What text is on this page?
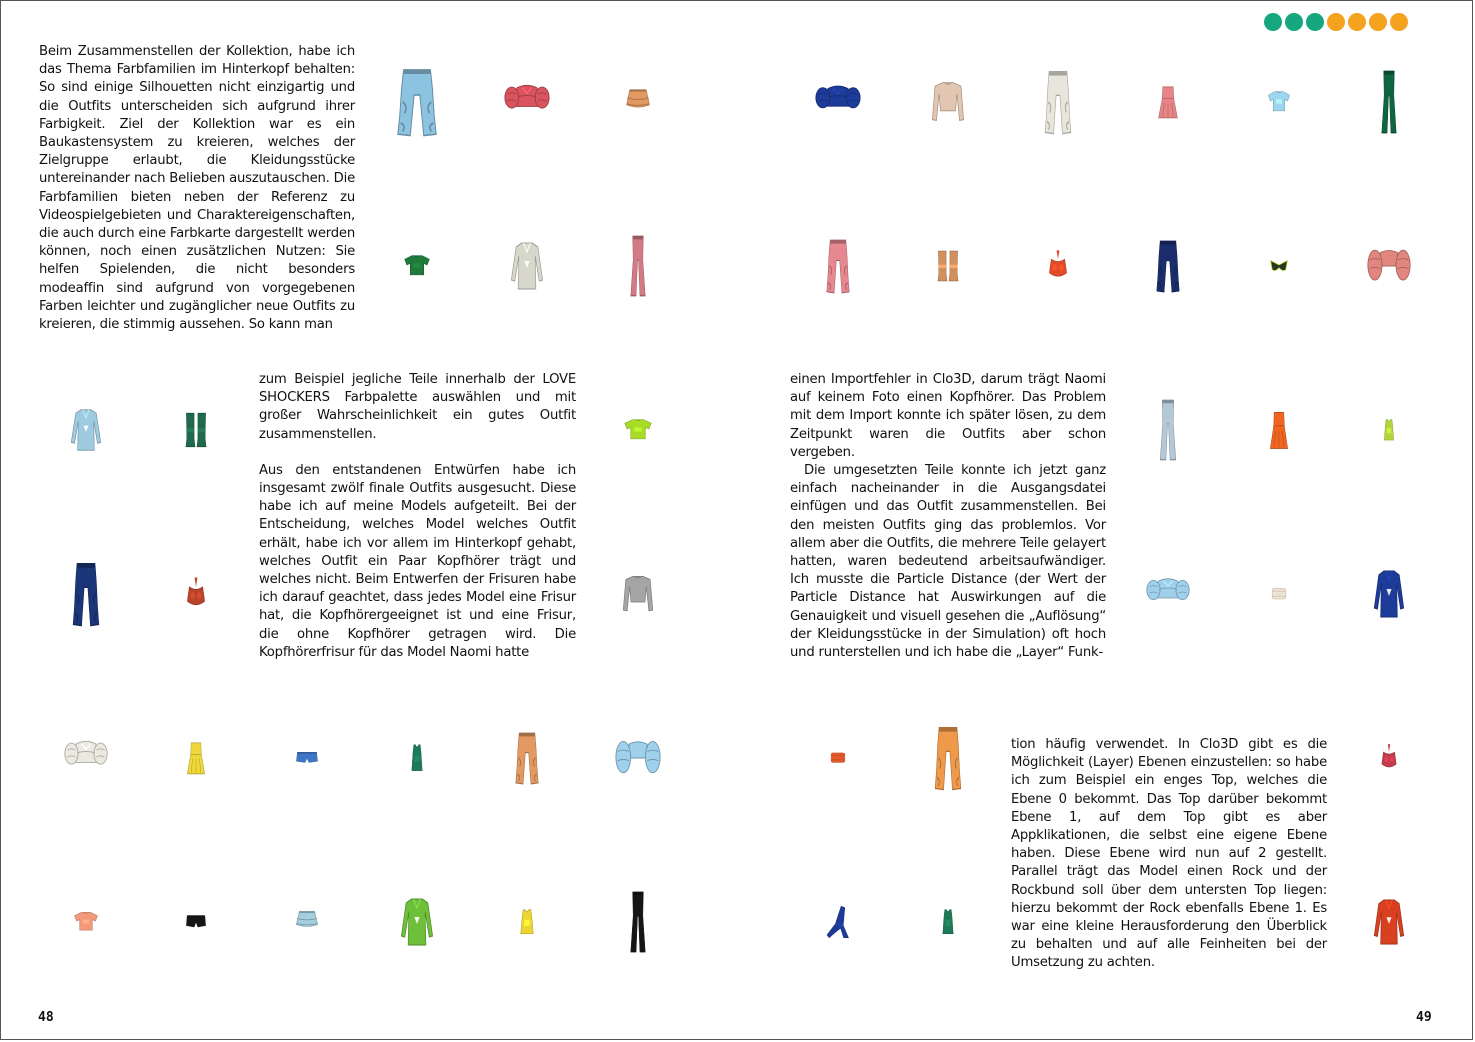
Beim Zusammenstellen der Kollektion, habe ich das Thema Farbfamilien im Hinterkopf behalten: So sind einige Silhouetten nicht einzigartig und die Outfits unterscheiden sich aufgrund ihrer Farbigkeit. Ziel der Kollektion war es ein Baukastensystem zu kreieren, welches der Zielgruppe erlaubt, die Kleidungsstücke untereinander nach Belieben auszutauschen. Die Farbfamilien bieten neben der Referenz zu Videospielgebieten und Charaktereigenschaften, die auch durch eine Farbkarte dargestellt werden können, noch einen zusätzlichen Nutzen: Sie helfen Spielenden, die nicht besonders modeaffin sind aufgrund von vorgegebenen Farben leichter und zugänglicher neue Outfits zu kreieren, die stimmig aussehen. So kann man

zum Beispiel jegliche Teile innerhalb der LOVE SHOCKERS Farbpalette auswählen und mit großer Wahrscheinlichkeit ein gutes Outfit zusammenstellen.

Aus den entstandenen Entwürfen habe ich insgesamt zwölf finale Outfits ausgesucht. Diese habe ich auf meine Models aufgeteilt. Bei der Entscheidung, welches Model welches Outfit erhält, habe ich vor allem im Hinterkopf gehabt, welches Outfit ein Paar Kopfhörer trägt und welches nicht. Beim Entwerfen der Frisuren habe ich darauf geachtet, dass jedes Model eine Frisur hat, die Kopfhörergeeignet ist und eine Frisur, die ohne Kopfhörer getragen wird. Die Kopfhörerfrisur für das Model Naomi hatte

einen Importfehler in Clo3D, darum trägt Naomi auf keinem Foto einen Kopfhörer. Das Problem mit dem Import konnte ich später lösen, zu dem Zeitpunkt waren die Outfits aber schon vergeben.

Die umgesetzten Teile konnte ich jetzt ganz einfach nacheinander in die Ausgangsdatei einfügen und das Outfit zusammenstellen. Bei den meisten Outfits ging das problemlos. Vor allem aber die Outfits, die mehrere Teile gelayert hatten, waren bedeutend arbeitsaufwändiger. Ich musste die Particle Distance (der Wert der Particle Distance hat Auswirkungen auf die Genauigkeit und visuell gesehen die „Auflösung“ der Kleidungsstücke in der Simulation) oft hoch und runterstellen und ich habe die „Layer“ Funk-

tion häufig verwendet. In Clo3D gibt es die Möglichkeit (Layer) Ebenen einzustellen: so habe ich zum Beispiel ein enges Top, welches die Ebene 0 bekommt. Das Top darüber bekommt Ebene 1, auf dem Top gibt es aber Appklikationen, die selbst eine eigene Ebene haben. Diese Ebene wird nun auf 2 gestellt. Parallel trägt das Model einen Rock und der Rockbund soll über dem untersten Top liegen: hierzu bekommt der Rock ebenfalls Ebene 1. Es war eine kleine Herausforderung den Überblick zu behalten und auf alle Feinheiten bei der Umsetzung zu achten.

48	49
